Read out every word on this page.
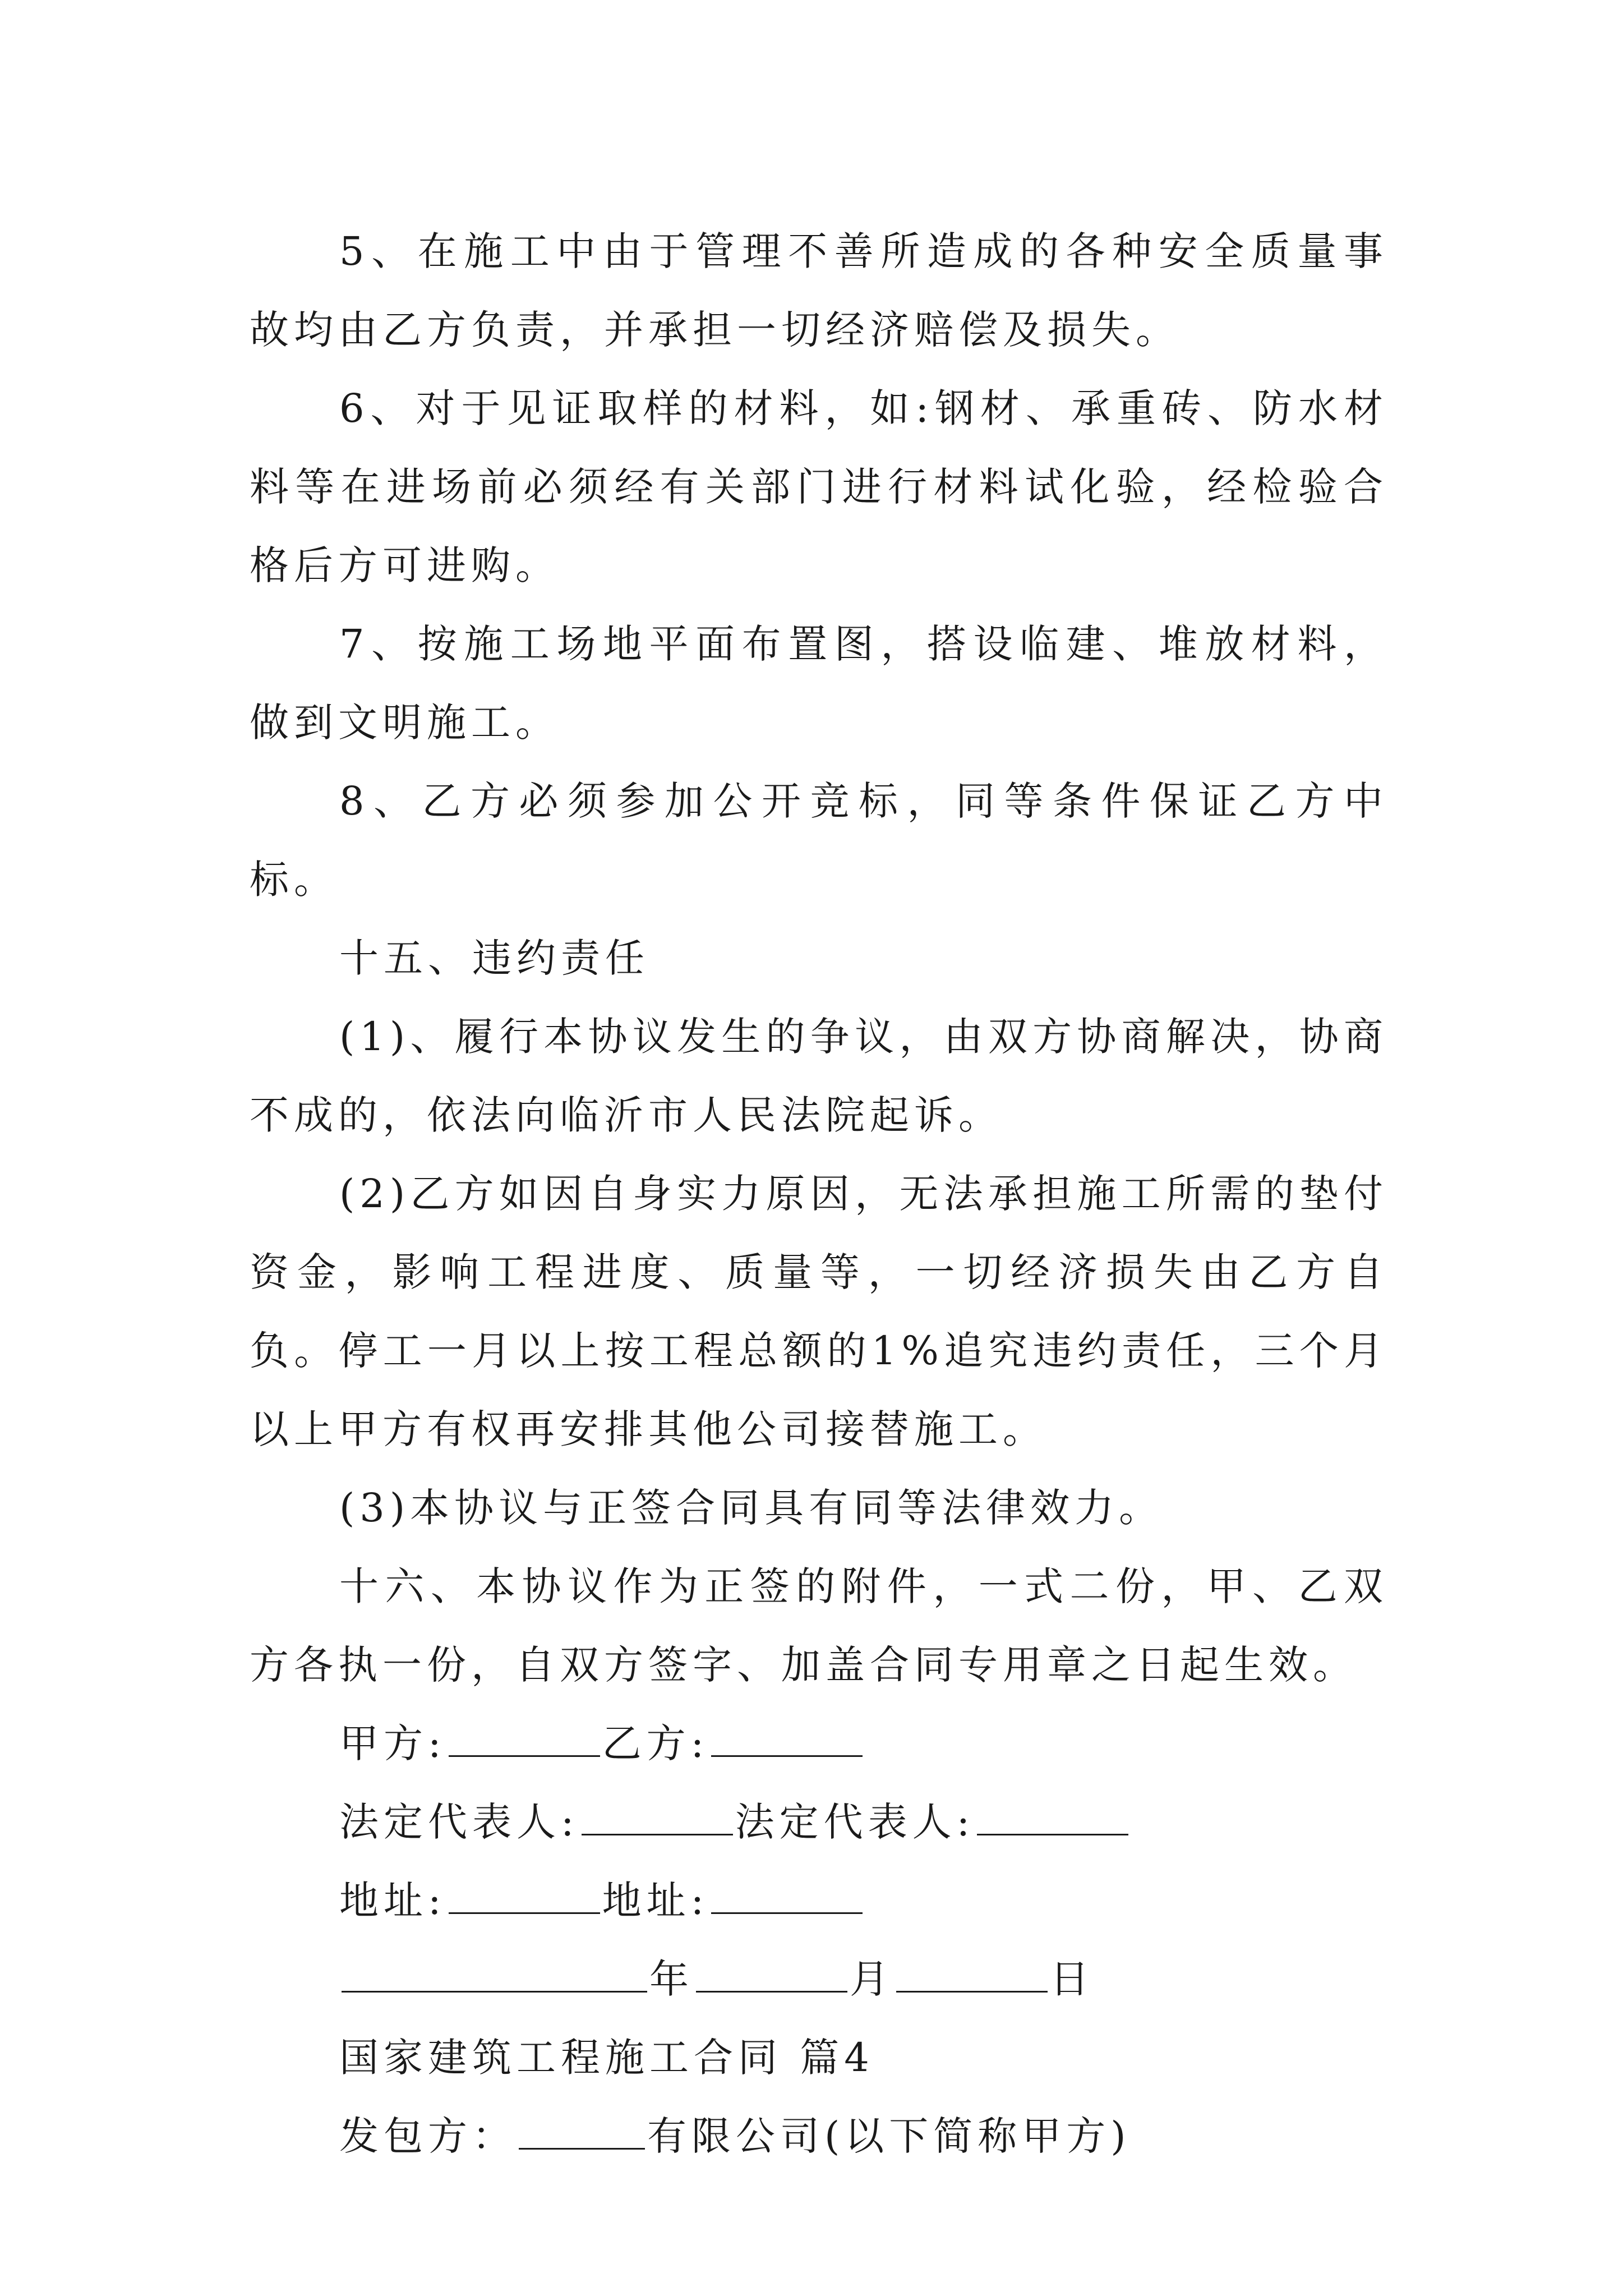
5、在施工中由于管理不善所造成的各种安全质量事故均由乙方负责，并承担一切经济赔偿及损失。

6、对于见证取样的材料，如:钢材、承重砖、防水材料等在进场前必须经有关部门进行材料试化验，经检验合格后方可进购。

7、按施工场地平面布置图，搭设临建、堆放材料，做到文明施工。

8、乙方必须参加公开竞标，同等条件保证乙方中标。

十五、违约责任

(1)、履行本协议发生的争议，由双方协商解决，协商不成的，依法向临沂市人民法院起诉。

(2)乙方如因自身实力原因，无法承担施工所需的垫付资金，影响工程进度、质量等，一切经济损失由乙方自负。停工一月以上按工程总额的1%追究违约责任，三个月以上甲方有权再安排其他公司接替施工。

(3)本协议与正签合同具有同等法律效力。

十六、本协议作为正签的附件，一式二份，甲、乙双方各执一份，自双方签字、加盖合同专用章之日起生效。

甲方:	乙方:

法定代表人:	法定代表人:

地址:	地址:

年	月	日

国家建筑工程施工合同 篇4

发包方：	有限公司(以下简称甲方)
